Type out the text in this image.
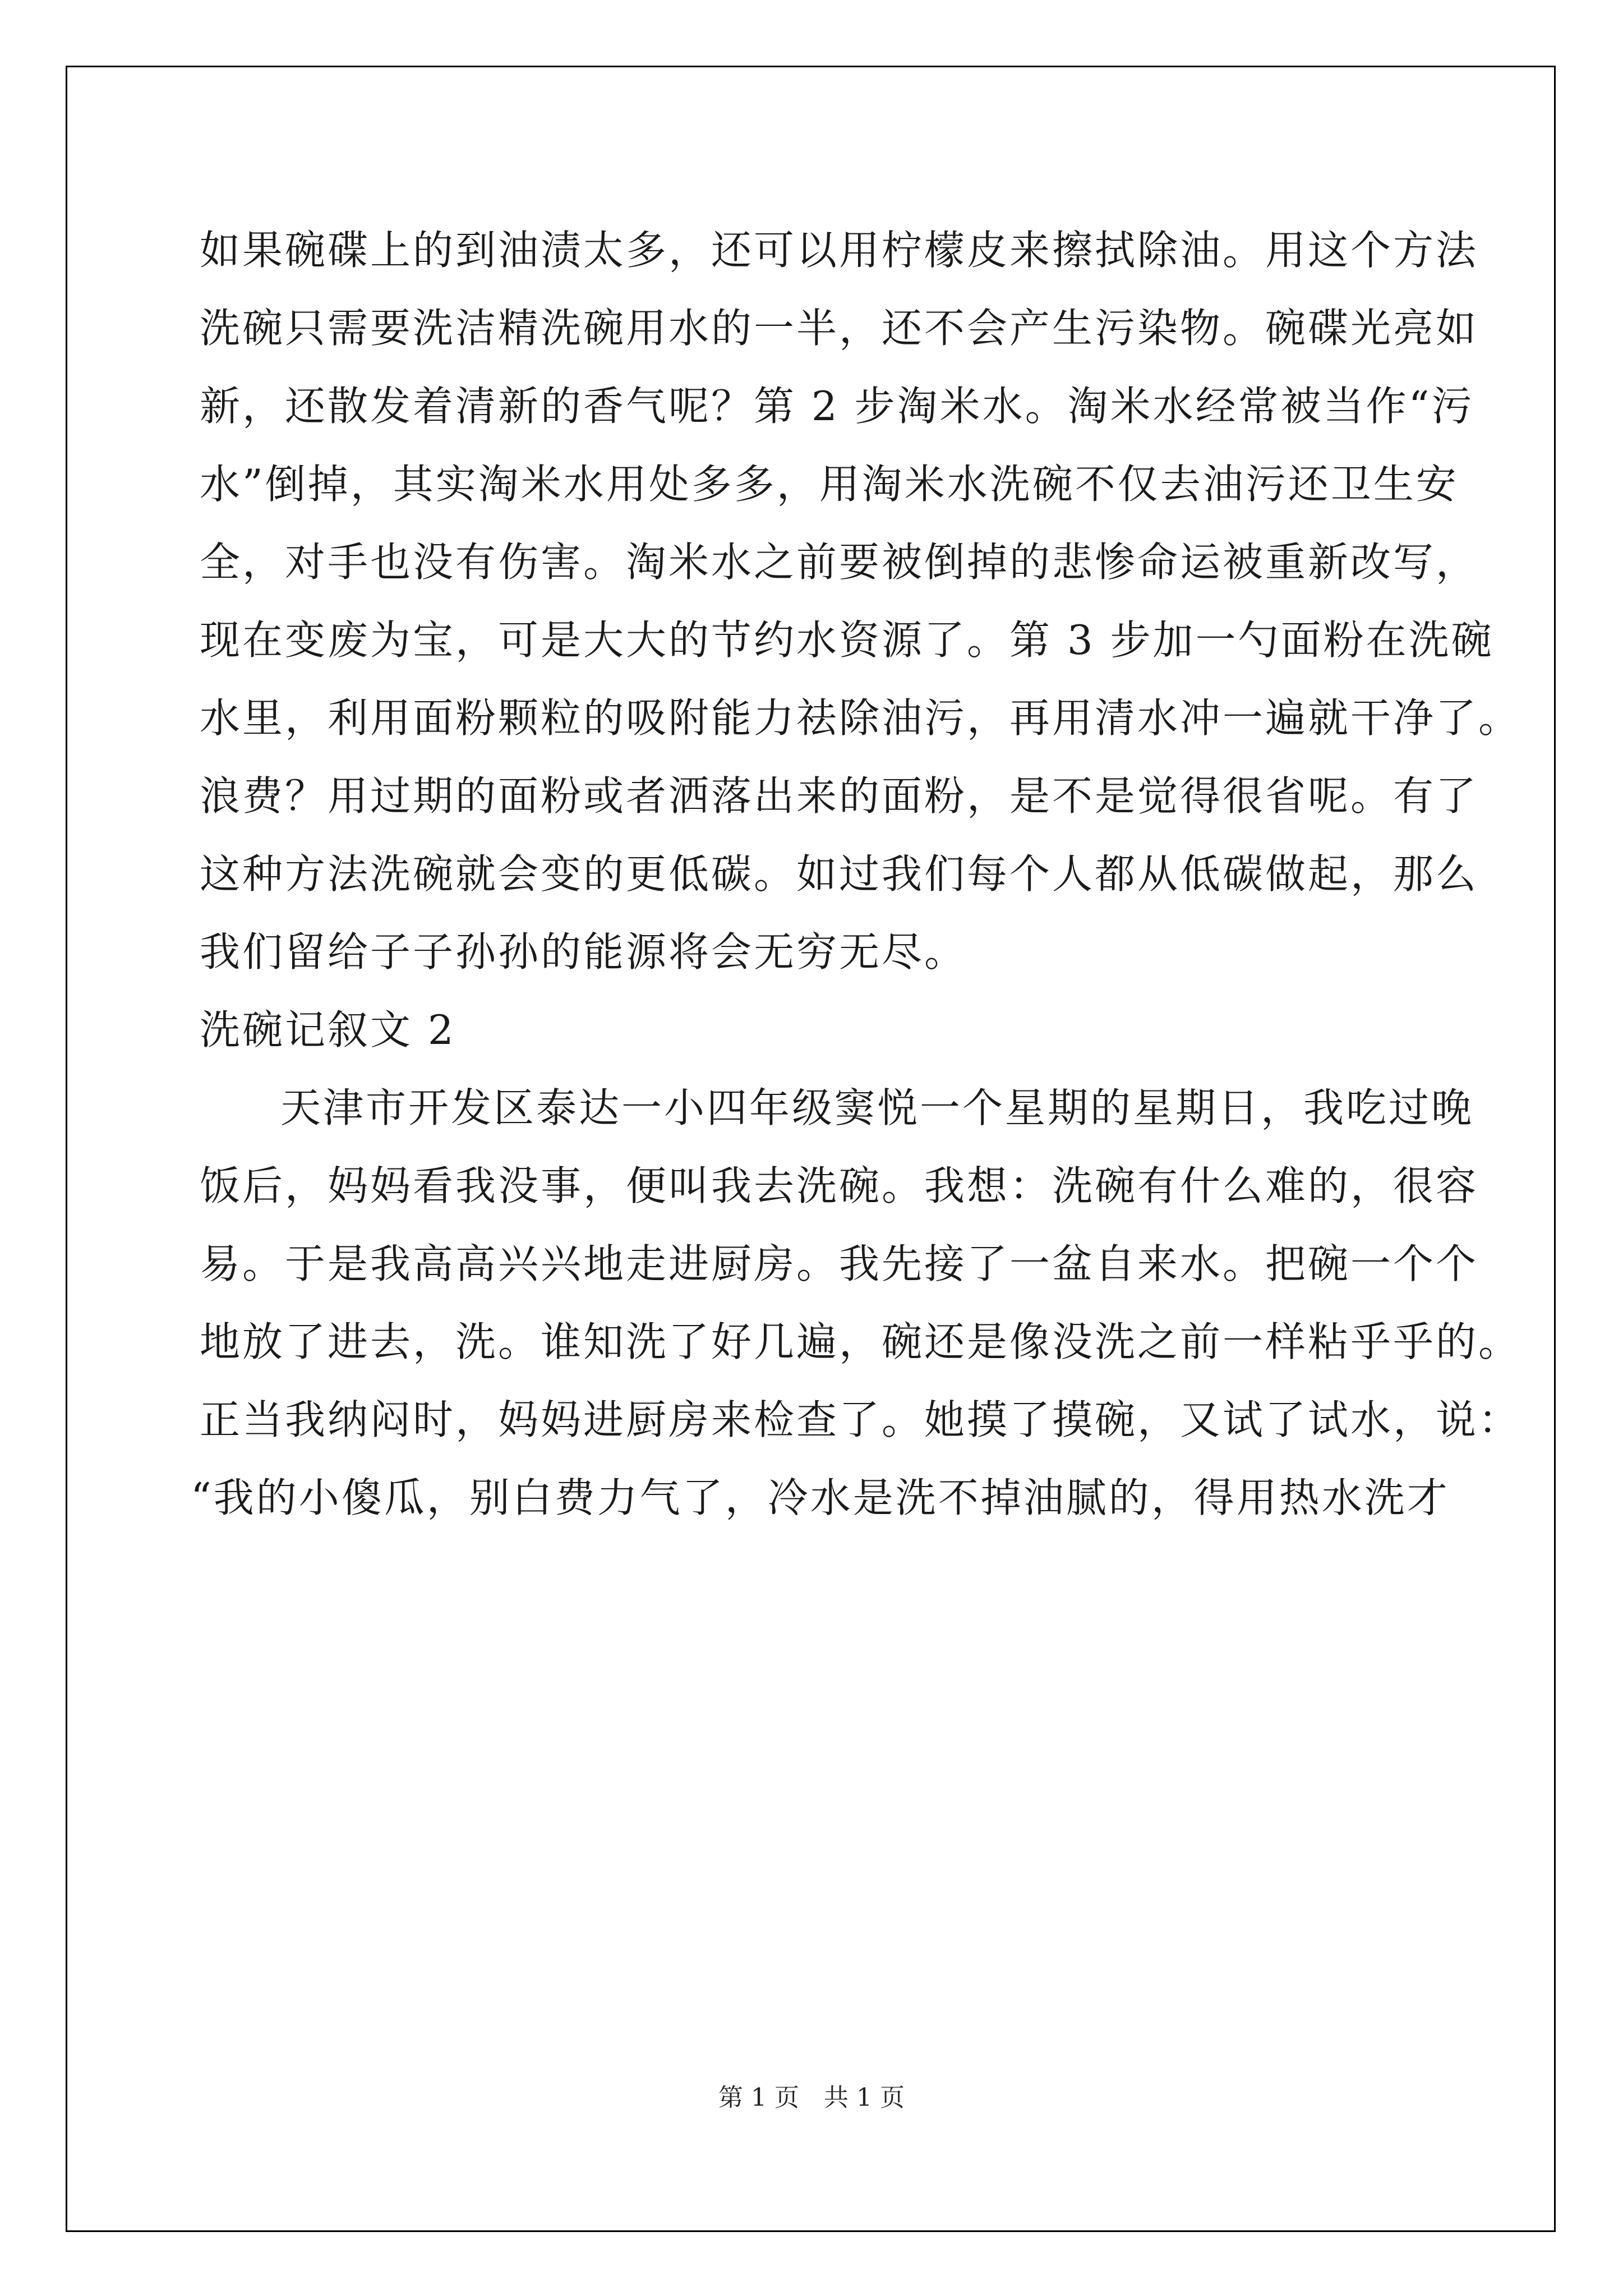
如果碗碟上的到油渍太多，还可以用柠檬皮来擦拭除油。用这个方法
洗碗只需要洗洁精洗碗用水的一半，还不会产生污染物。碗碟光亮如
新，还散发着清新的香气呢？第 2 步淘米水。淘米水经常被当作“污
水”倒掉，其实淘米水用处多多，用淘米水洗碗不仅去油污还卫生安
全，对手也没有伤害。淘米水之前要被倒掉的悲惨命运被重新改写，
现在变废为宝，可是大大的节约水资源了。第 3 步加一勺面粉在洗碗
水里，利用面粉颗粒的吸附能力祛除油污，再用清水冲一遍就干净了。
浪费？用过期的面粉或者洒落出来的面粉，是不是觉得很省呢。有了
这种方法洗碗就会变的更低碳。如过我们每个人都从低碳做起，那么
我们留给子子孙孙的能源将会无穷无尽。
洗碗记叙文 2
天津市开发区泰达一小四年级窦悦一个星期的星期日，我吃过晚
饭后，妈妈看我没事，便叫我去洗碗。我想：洗碗有什么难的，很容
易。于是我高高兴兴地走进厨房。我先接了一盆自来水。把碗一个个
地放了进去，洗。谁知洗了好几遍，碗还是像没洗之前一样粘乎乎的。
正当我纳闷时，妈妈进厨房来检查了。她摸了摸碗，又试了试水，说：
“我的小傻瓜，别白费力气了，冷水是洗不掉油腻的，得用热水洗才
第 1 页　共 1 页
